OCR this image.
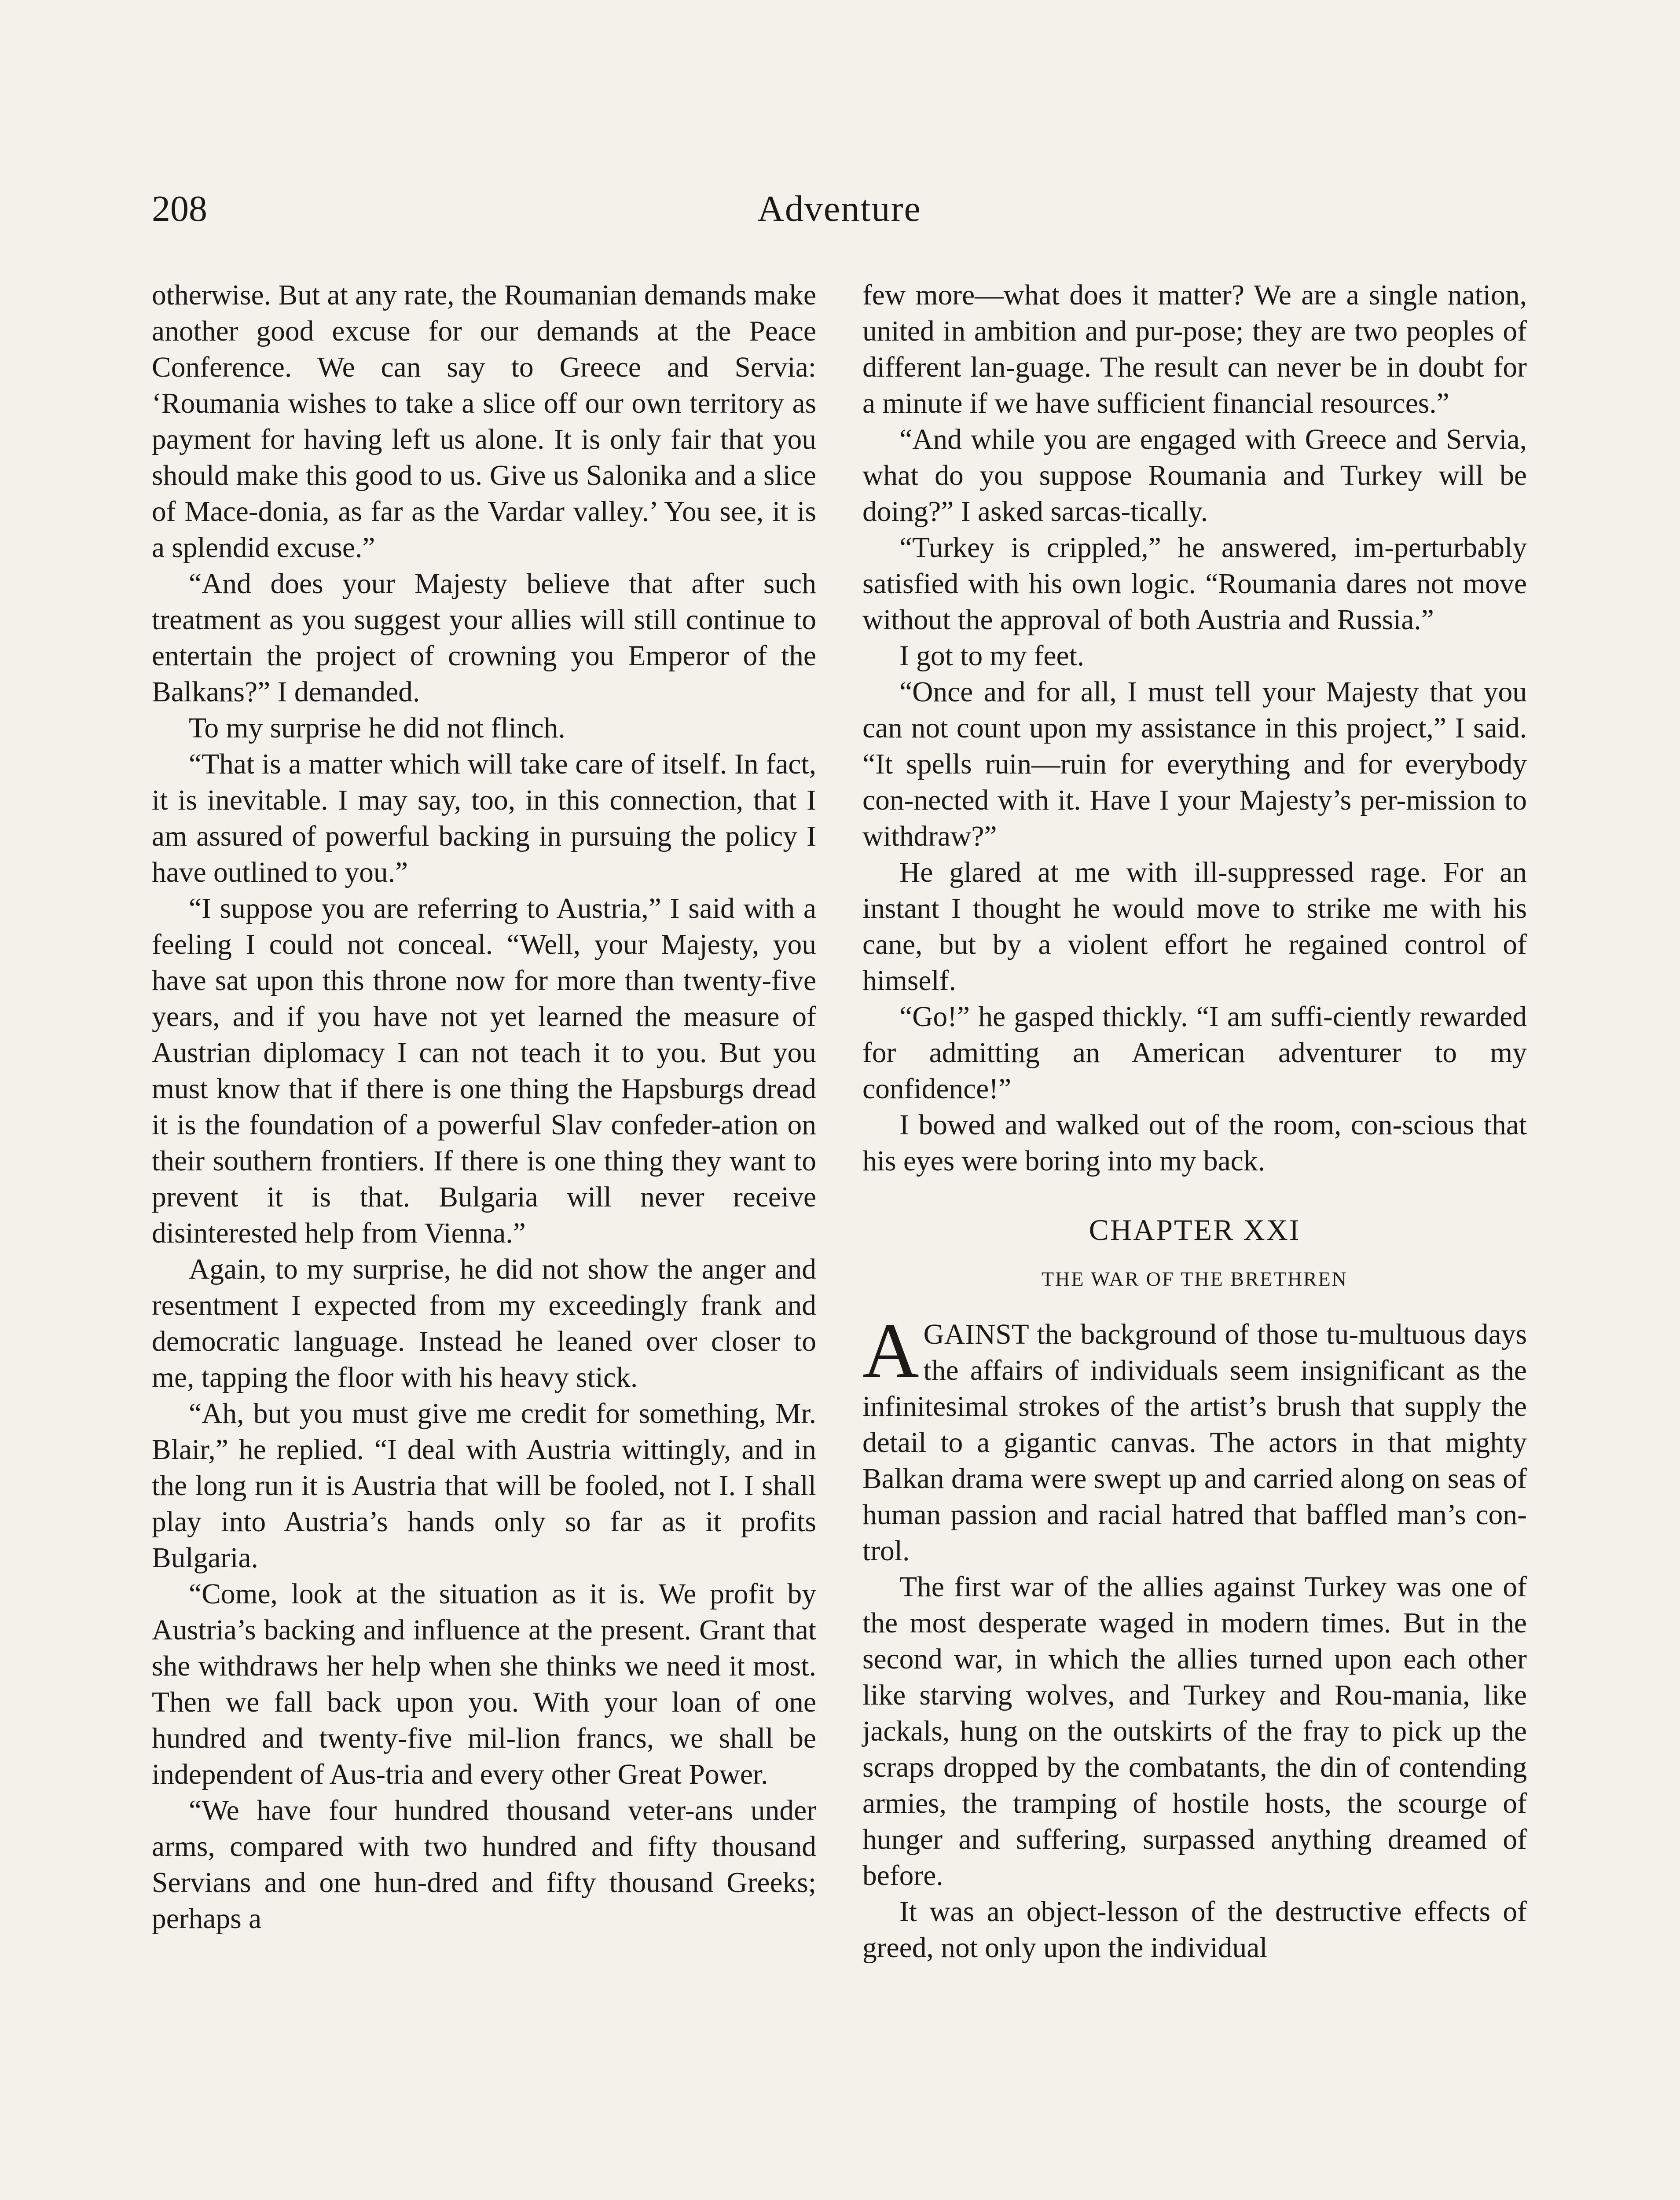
208	Adventure

otherwise. But at any rate, the Roumanian demands make another good excuse for our demands at the Peace Conference. We can say to Greece and Servia: ‘Roumania wishes to take a slice off our own territory as payment for having left us alone. It is only fair that you should make this good to us. Give us Salonika and a slice of Mace-donia, as far as the Vardar valley.’ You see, it is a splendid excuse.”

“And does your Majesty believe that after such treatment as you suggest your allies will still continue to entertain the project of crowning you Emperor of the Balkans?” I demanded.

To my surprise he did not flinch.

“That is a matter which will take care of itself. In fact, it is inevitable. I may say, too, in this connection, that I am assured of powerful backing in pursuing the policy I have outlined to you.”

“I suppose you are referring to Austria,” I said with a feeling I could not conceal. “Well, your Majesty, you have sat upon this throne now for more than twenty-five years, and if you have not yet learned the measure of Austrian diplomacy I can not teach it to you. But you must know that if there is one thing the Hapsburgs dread it is the foundation of a powerful Slav confeder-ation on their southern frontiers. If there is one thing they want to prevent it is that. Bulgaria will never receive disinterested help from Vienna.”

Again, to my surprise, he did not show the anger and resentment I expected from my exceedingly frank and democratic language. Instead he leaned over closer to me, tapping the floor with his heavy stick.

“Ah, but you must give me credit for something, Mr. Blair,” he replied. “I deal with Austria wittingly, and in the long run it is Austria that will be fooled, not I. I shall play into Austria’s hands only so far as it profits Bulgaria.

“Come, look at the situation as it is. We profit by Austria’s backing and influence at the present. Grant that she withdraws her help when she thinks we need it most. Then we fall back upon you. With your loan of one hundred and twenty-five mil-lion francs, we shall be independent of Aus-tria and every other Great Power.

“We have four hundred thousand veter-ans under arms, compared with two hundred and fifty thousand Servians and one hun-dred and fifty thousand Greeks; perhaps a

few more—what does it matter? We are a single nation, united in ambition and pur-pose; they are two peoples of different lan-guage. The result can never be in doubt for a minute if we have sufficient financial resources.”

“And while you are engaged with Greece and Servia, what do you suppose Roumania and Turkey will be doing?” I asked sarcas-tically.

“Turkey is crippled,” he answered, im-perturbably satisfied with his own logic. “Roumania dares not move without the approval of both Austria and Russia.”

I got to my feet.

“Once and for all, I must tell your Majesty that you can not count upon my assistance in this project,” I said. “It spells ruin—ruin for everything and for everybody con-nected with it. Have I your Majesty’s per-mission to withdraw?”

He glared at me with ill-suppressed rage. For an instant I thought he would move to strike me with his cane, but by a violent effort he regained control of himself.

“Go!” he gasped thickly. “I am suffi-ciently rewarded for admitting an American adventurer to my confidence!”

I bowed and walked out of the room, con-scious that his eyes were boring into my back.

CHAPTER XXI
THE WAR OF THE BRETHREN

AGAINST the background of those tu-multuous days the affairs of individuals seem insignificant as the infinitesimal strokes of the artist’s brush that supply the detail to a gigantic canvas. The actors in that mighty Balkan drama were swept up and carried along on seas of human passion and racial hatred that baffled man’s con-trol.

The first war of the allies against Turkey was one of the most desperate waged in modern times. But in the second war, in which the allies turned upon each other like starving wolves, and Turkey and Rou-mania, like jackals, hung on the outskirts of the fray to pick up the scraps dropped by the combatants, the din of contending armies, the tramping of hostile hosts, the scourge of hunger and suffering, surpassed anything dreamed of before.

It was an object-lesson of the destructive effects of greed, not only upon the individual
